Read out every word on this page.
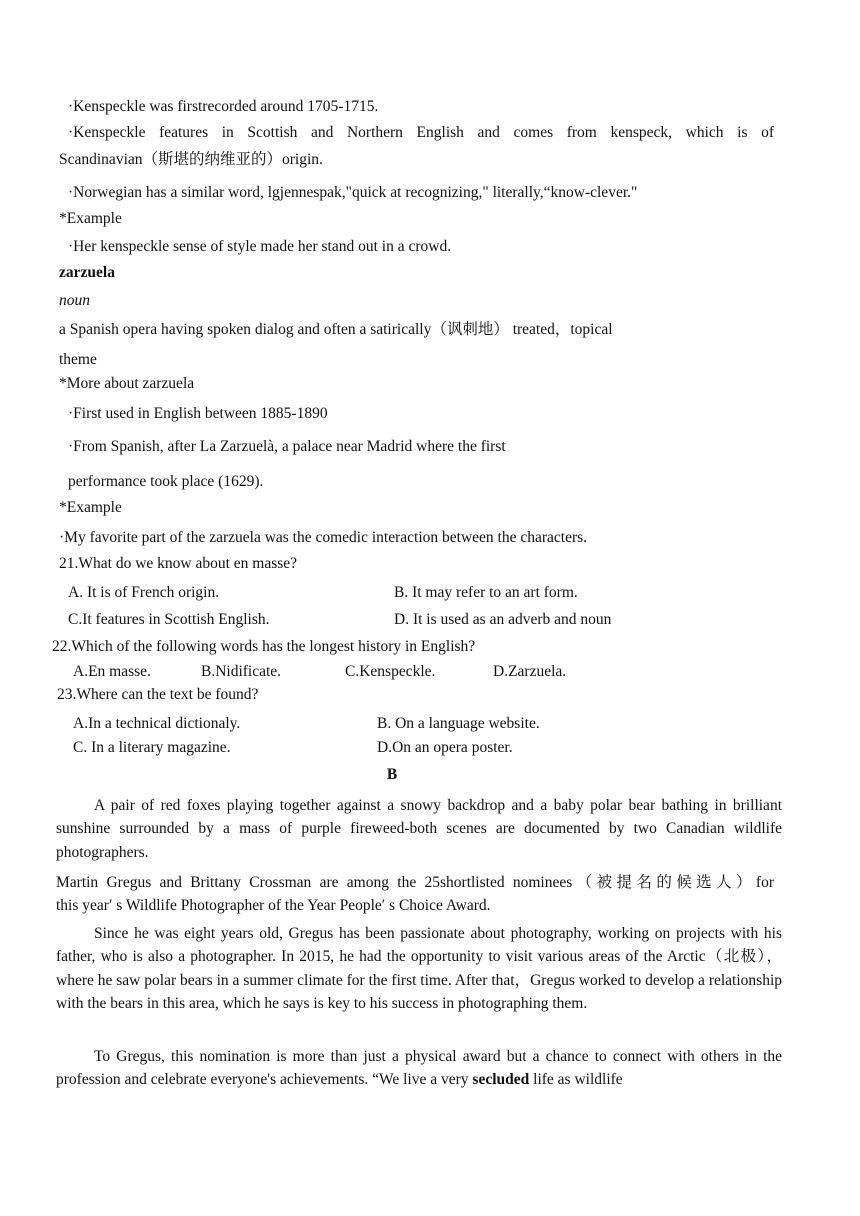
·Kenspeckle was firstrecorded around 1705-1715.
·Kenspeckle features in Scottish and Northern English and comes from kenspeck, which is of
Scandinavian（斯堪的纳维亚的）origin.
·Norwegian has a similar word, lgjennespak,"quick at recognizing," literally,“know-clever."
*Example
·Her kenspeckle sense of style made her stand out in a crowd.
zarzuela
noun
a Spanish opera having spoken dialog and often a satirically（讽刺地） treated，topical
theme
*More about zarzuela
·First used in English between 1885-1890
·From Spanish, after La Zarzuelà, a palace near Madrid where the first
performance took place (1629).
*Example
·My favorite part of the zarzuela was the comedic interaction between the characters.
21.What do we know about en masse?
A. It is of French origin.	B. It may refer to an art form.
C.It features in Scottish English.	D. It is used as an adverb and noun
22.Which of the following words has the longest history in English?
A.En masse.	B.Nidificate.	C.Kenspeckle.	D.Zarzuela.
23.Where can the text be found?
A.In a technical dictionaly.	B. On a language website.
C. In a literary magazine.	D.On an opera poster.
B
A pair of red foxes playing together against a snowy backdrop and a baby polar bear bathing in brilliant sunshine surrounded by a mass of purple fireweed-both scenes are documented by two Canadian wildlife photographers.
Martin Gregus and Brittany Crossman are among the 25shortlisted nominees（被提名的候选人）for
this year′ s Wildlife Photographer of the Year People′ s Choice Award.
Since he was eight years old, Gregus has been passionate about photography, working on projects with his father, who is also a photographer. In 2015, he had the opportunity to visit various areas of the Arctic（北极）， where he saw polar bears in a summer climate for the first time. After that，Gregus worked to develop a relationship with the bears in this area, which he says is key to his success in photographing them.
To Gregus, this nomination is more than just a physical award but a chance to connect with others in the profession and celebrate everyone's achievements. “We live a very secluded life as wildlife
